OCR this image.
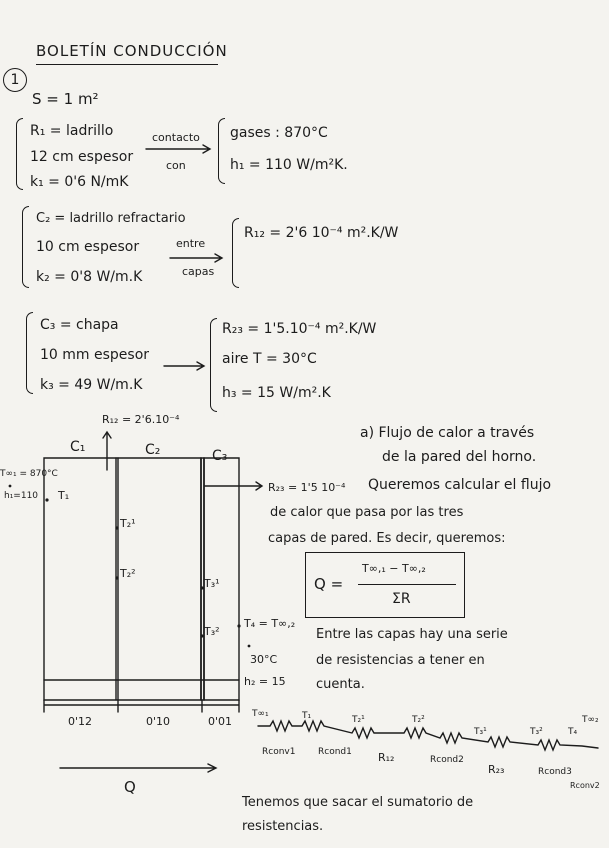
BOLETÍN CONDUCCIÓN
1
S = 1 m²
R₁ = ladrillo
12 cm espesor
k₁ = 0'6 N/mK
contacto
con
gases : 870°C
h₁ = 110 W/m²K.
C₂ = ladrillo refractario
10 cm espesor
k₂ = 0'8 W/m.K
entre
capas
R₁₂ = 2'6 10⁻⁴ m².K/W
C₃ = chapa
10 mm espesor
k₃ = 49 W/m.K
R₂₃ = 1'5.10⁻⁴ m².K/W
aire T = 30°C
h₃ = 15 W/m².K
R₁₂ = 2'6.10⁻⁴
C₁	C₂	C₃
T∞₁ = 870°C
h₁=110 T₁
T₂¹
T₂²
T₃¹
T₃²
R₂₃ = 1'5 10⁻⁴
T₄ = T∞,₂
30°C
h₂ = 15
0'12	0'10	0'01
Q
a) Flujo de calor a través
de la pared del horno.
Queremos calcular el flujo
de calor que pasa por las tres
capas de pared. Es decir, queremos:
Q =
T∞,₁ − T∞,₂
ΣR
Entre las capas hay una serie
de resistencias a tener en
cuenta.
T∞₁	T₁	T₂¹	T₂²
T₃¹	T₃²	T₄
T∞₂
Rconv1	Rcond1 R₁₂	Rcond2
R₂₃	Rcond3
Rconv2
Tenemos que sacar el sumatorio de
resistencias.
